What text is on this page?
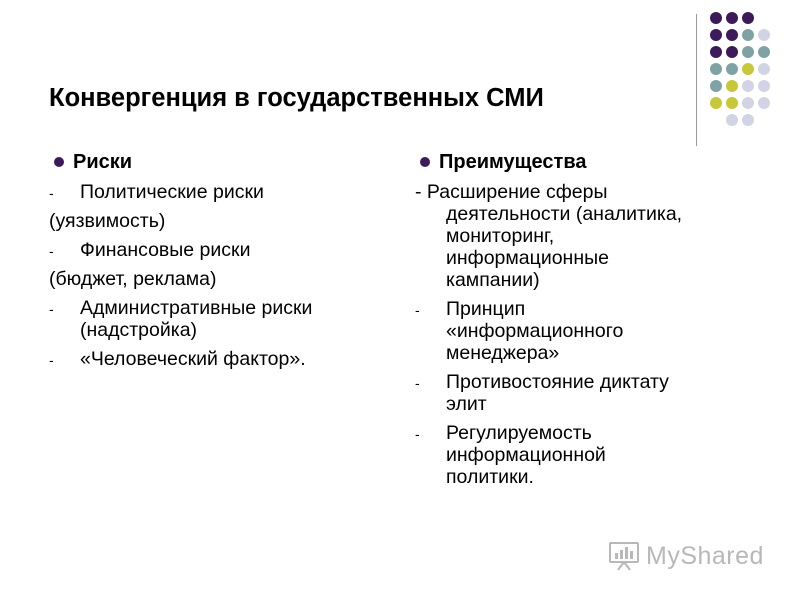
Конвергенция в государственных СМИ
Риски
- Политические риски
(уязвимость)
- Финансовые риски
(бюджет, реклама)
- Административные риски
(надстройка)
- «Человеческий фактор».
Преимущества
- Расширение сферы
деятельности (аналитика,
мониторинг,
информационные
кампании)
- Принцип
«информационного
менеджера»
- Противостояние диктату
элит
- Регулируемость
информационной
политики.
MyShared
